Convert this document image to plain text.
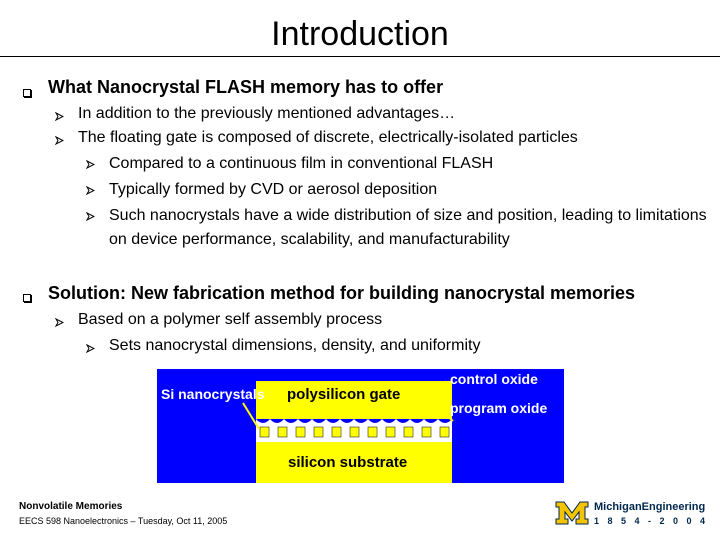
Introduction
What Nanocrystal FLASH memory has to offer
In addition to the previously mentioned advantages…
The floating gate is composed of discrete, electrically-isolated particles
Compared to a continuous film in conventional FLASH
Typically formed by CVD or aerosol deposition
Such nanocrystals have a wide distribution of size and position, leading to limitations on device performance, scalability, and manufacturability
Solution: New fabrication method for building nanocrystal memories
Based on a polymer self assembly process
Sets nanocrystal dimensions, density, and uniformity
Si nanocrystals polysilicon gate
control oxide
program oxide
silicon substrate
Nonvolatile Memories
EECS 598 Nanoelectronics – Tuesday, Oct 11, 2005
MichiganEngineering
1 8 5 4 - 2 0 0 4
